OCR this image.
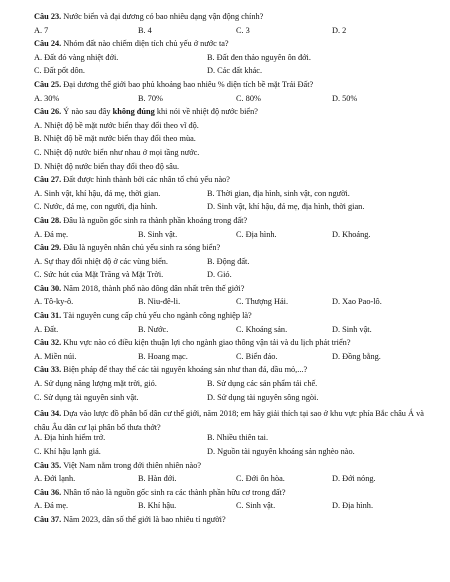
Câu 23. Nước biển và đại dương có bao nhiêu dạng vận động chính?
A. 7	B. 4	C. 3	D. 2
Câu 24. Nhóm đất nào chiếm diện tích chủ yếu ở nước ta?
A. Đất đỏ vàng nhiệt đới.	B. Đất đen thảo nguyên ôn đới.
C. Đất pốt dôn.	D. Các đất khác.
Câu 25. Đại dương thế giới bao phủ khoảng bao nhiêu % diện tích bề mặt Trái Đất?
A. 30%	B. 70%	C. 80%	D. 50%
Câu 26. Ý nào sau đây không đúng khi nói về nhiệt độ nước biển?
A. Nhiệt độ bề mặt nước biển thay đổi theo vĩ độ.
B. Nhiệt độ bề mặt nước biển thay đổi theo mùa.
C. Nhiệt độ nước biển như nhau ở mọi tầng nước.
D. Nhiệt độ nước biển thay đổi theo độ sâu.
Câu 27. Đất được hình thành bởi các nhân tố chủ yếu nào?
A. Sinh vật, khí hậu, đá mẹ, thời gian.	B. Thời gian, địa hình, sinh vật, con người.
C. Nước, đá mẹ, con người, địa hình.	D. Sinh vật, khí hậu, đá mẹ, địa hình, thời gian.
Câu 28. Đâu là nguồn gốc sinh ra thành phần khoáng trong đất?
A. Đá mẹ.	B. Sinh vật.	C. Địa hình.	D. Khoáng.
Câu 29. Đâu là nguyên nhân chủ yếu sinh ra sóng biển?
A. Sự thay đổi nhiệt độ ở các vùng biển.	B. Động đất.
C. Sức hút của Mặt Trăng và Mặt Trời.	D. Gió.
Câu 30. Năm 2018, thành phố nào đông dân nhất trên thế giới?
A. Tô-ky-ô.	B. Niu-đê-li.	C. Thượng Hải.	D. Xao Pao-lô.
Câu 31. Tài nguyên cung cấp chủ yếu cho ngành công nghiệp là?
A. Đất.	B. Nước.	C. Khoáng sản.	D. Sinh vật.
Câu 32. Khu vực nào có điều kiện thuận lợi cho ngành giao thông vận tải và du lịch phát triển?
A. Miền núi.	B. Hoang mạc.	C. Biển đảo.	D. Đồng bằng.
Câu 33. Biện pháp để thay thế các tài nguyên khoáng sản như than đá, dầu mỏ,...?
A. Sử dụng năng lượng mặt trời, gió.	B. Sử dụng các sản phẩm tái chế.
C. Sử dụng tài nguyên sinh vật.	D. Sử dụng tài nguyên sông ngòi.
Câu 34. Dựa vào lược đồ phân bố dân cư thế giới, năm 2018; em hãy giải thích tại sao ở khu vực phía Bắc châu Á và châu Âu dân cư lại phân bố thưa thớt?
A. Địa hình hiểm trở.	B. Nhiều thiên tai.
C. Khí hậu lạnh giá.	D. Nguồn tài nguyên khoáng sản nghèo nào.
Câu 35. Việt Nam nằm trong đới thiên nhiên nào?
A. Đới lạnh.	B. Hàn đới.	C. Đới ôn hòa.	D. Đới nóng.
Câu 36. Nhân tố nào là nguồn gốc sinh ra các thành phần hữu cơ trong đất?
A. Đá mẹ.	B. Khí hậu.	C. Sinh vật.	D. Địa hình.
Câu 37. Năm 2023, dân số thế giới là bao nhiêu tỉ người?
